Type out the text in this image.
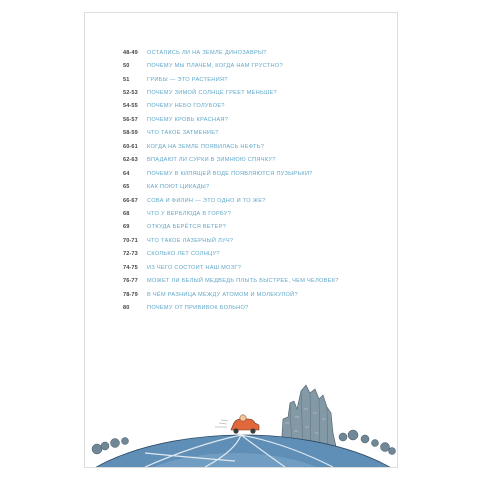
48-49	ОСТАЛИСЬ ЛИ НА ЗЕМЛЕ ДИНОЗАВРЫ?
50	ПОЧЕМУ МЫ ПЛАЧЕМ, КОГДА НАМ ГРУСТНО?
51	ГРИБЫ — ЭТО РАСТЕНИЯ?
52-53	ПОЧЕМУ ЗИМОЙ СОЛНЦЕ ГРЕЕТ МЕНЬШЕ?
54-55	ПОЧЕМУ НЕБО ГОЛУБОЕ?
56-57	ПОЧЕМУ КРОВЬ КРАСНАЯ?
58-59	ЧТО ТАКОЕ ЗАТМЕНИЕ?
60-61	КОГДА НА ЗЕМЛЕ ПОЯВИЛАСЬ НЕФТЬ?
62-63	ВПАДАЮТ ЛИ СУРКИ В ЗИМНЮЮ СПЯЧКУ?
64	ПОЧЕМУ В КИПЯЩЕЙ ВОДЕ ПОЯВЛЯЮТСЯ ПУЗЫРЬКИ?
65	КАК ПОЮТ ЦИКАДЫ?
66-67	СОВА И ФИЛИН — ЭТО ОДНО И ТО ЖЕ?
68	ЧТО У ВЕРБЛЮДА В ГОРБУ?
69	ОТКУДА БЕРЁТСЯ ВЕТЕР?
70-71	ЧТО ТАКОЕ ЛАЗЕРНЫЙ ЛУЧ?
72-73	СКОЛЬКО ЛЕТ СОЛНЦУ?
74-75	ИЗ ЧЕГО СОСТОИТ НАШ МОЗГ?
76-77	МОЖЕТ ЛИ БЕЛЫЙ МЕДВЕДЬ ПЛЫТЬ БЫСТРЕЕ, ЧЕМ ЧЕЛОВЕК?
78-79	В ЧЁМ РАЗНИЦА МЕЖДУ АТОМОМ И МОЛЕКУЛОЙ?
80	ПОЧЕМУ ОТ ПРИВИВОК БОЛЬНО?
